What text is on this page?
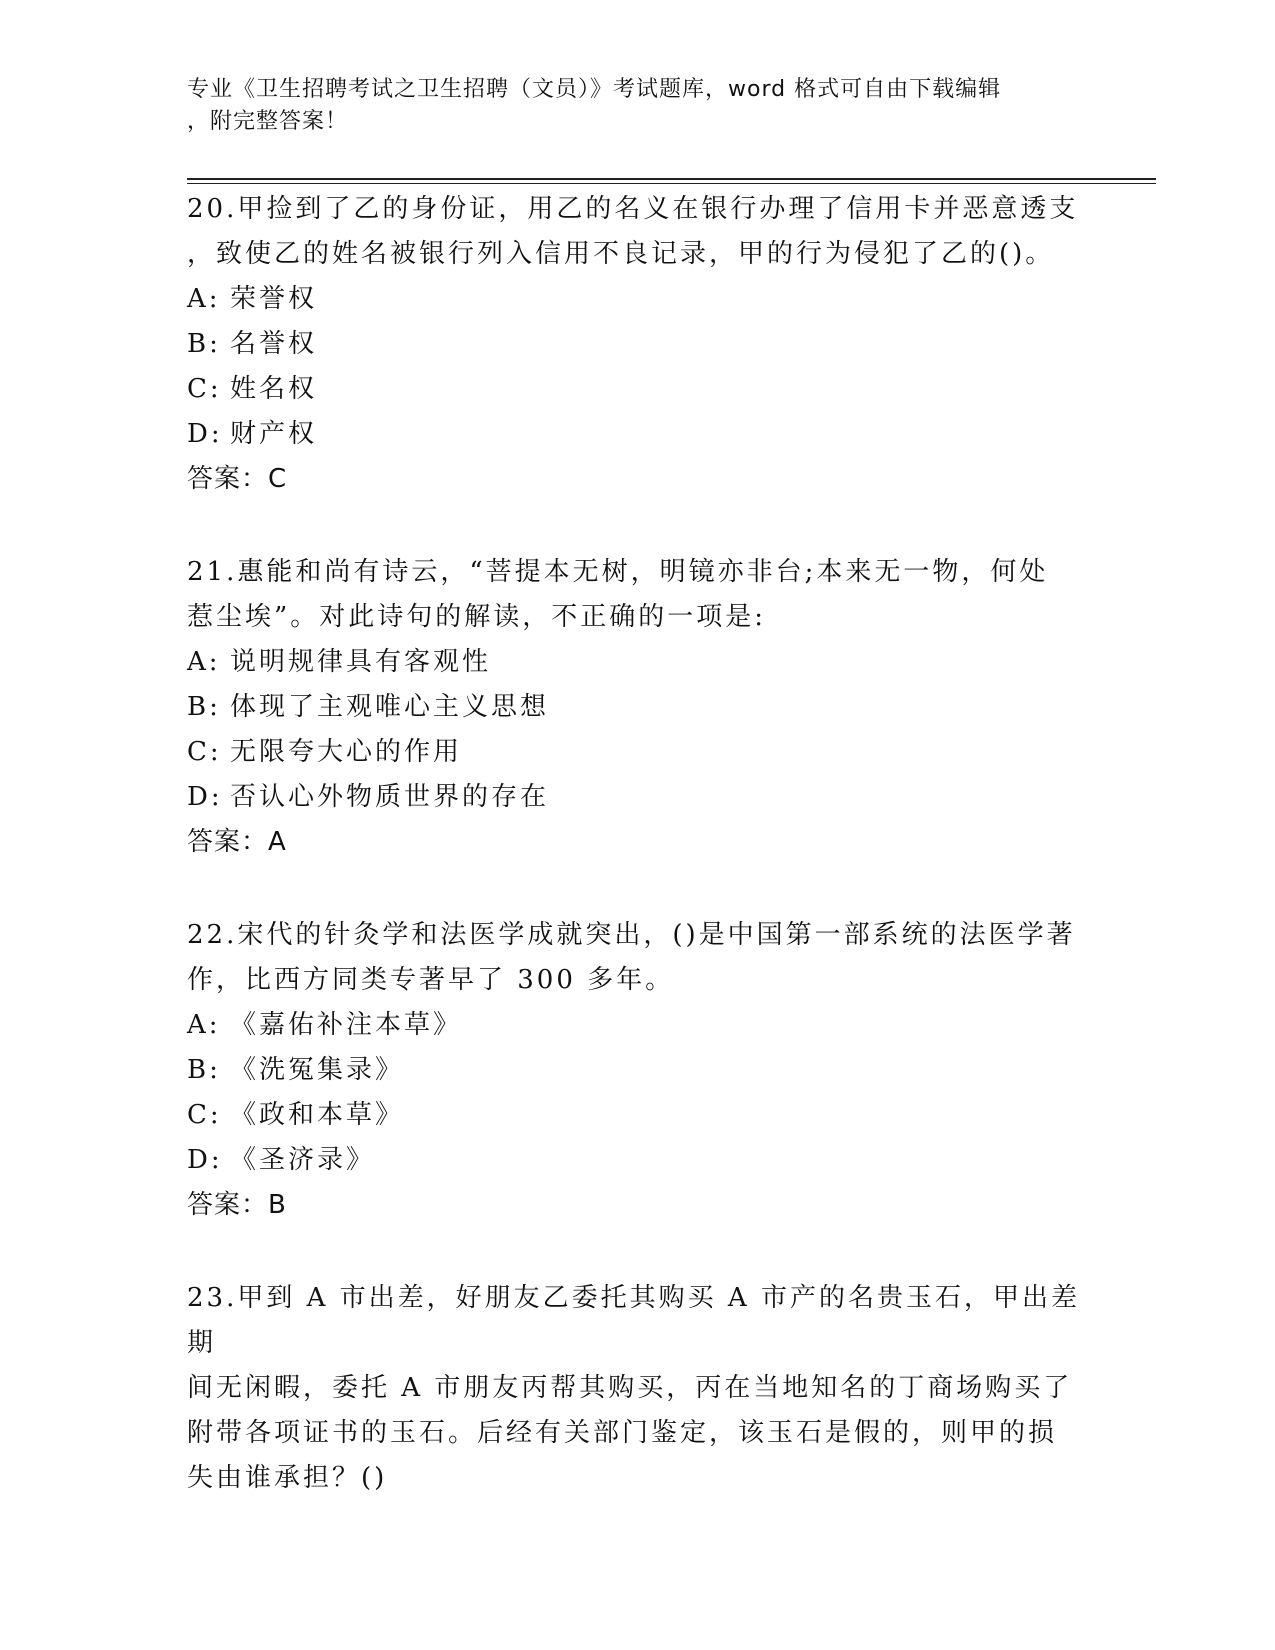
专业《卫生招聘考试之卫生招聘（文员）》考试题库，word 格式可自由下载编辑
，附完整答案！

20.甲捡到了乙的身份证，用乙的名义在银行办理了信用卡并恶意透支

，致使乙的姓名被银行列入信用不良记录，甲的行为侵犯了乙的()。

A: 荣誉权
B: 名誉权
C: 姓名权
D: 财产权

答案：C

21.惠能和尚有诗云，“菩提本无树，明镜亦非台;本来无一物，何处

惹尘埃”。对此诗句的解读，不正确的一项是:

A: 说明规律具有客观性
B: 体现了主观唯心主义思想
C: 无限夸大心的作用
D: 否认心外物质世界的存在

答案：A

22.宋代的针灸学和法医学成就突出，()是中国第一部系统的法医学著

作，比西方同类专著早了 300 多年。

A: 《嘉佑补注本草》
B: 《洗冤集录》
C: 《政和本草》
D: 《圣济录》

答案：B

23.甲到 A 市出差，好朋友乙委托其购买 A 市产的名贵玉石，甲出差期

间无闲暇，委托 A 市朋友丙帮其购买，丙在当地知名的丁商场购买了

附带各项证书的玉石。后经有关部门鉴定，该玉石是假的，则甲的损

失由谁承担？()
